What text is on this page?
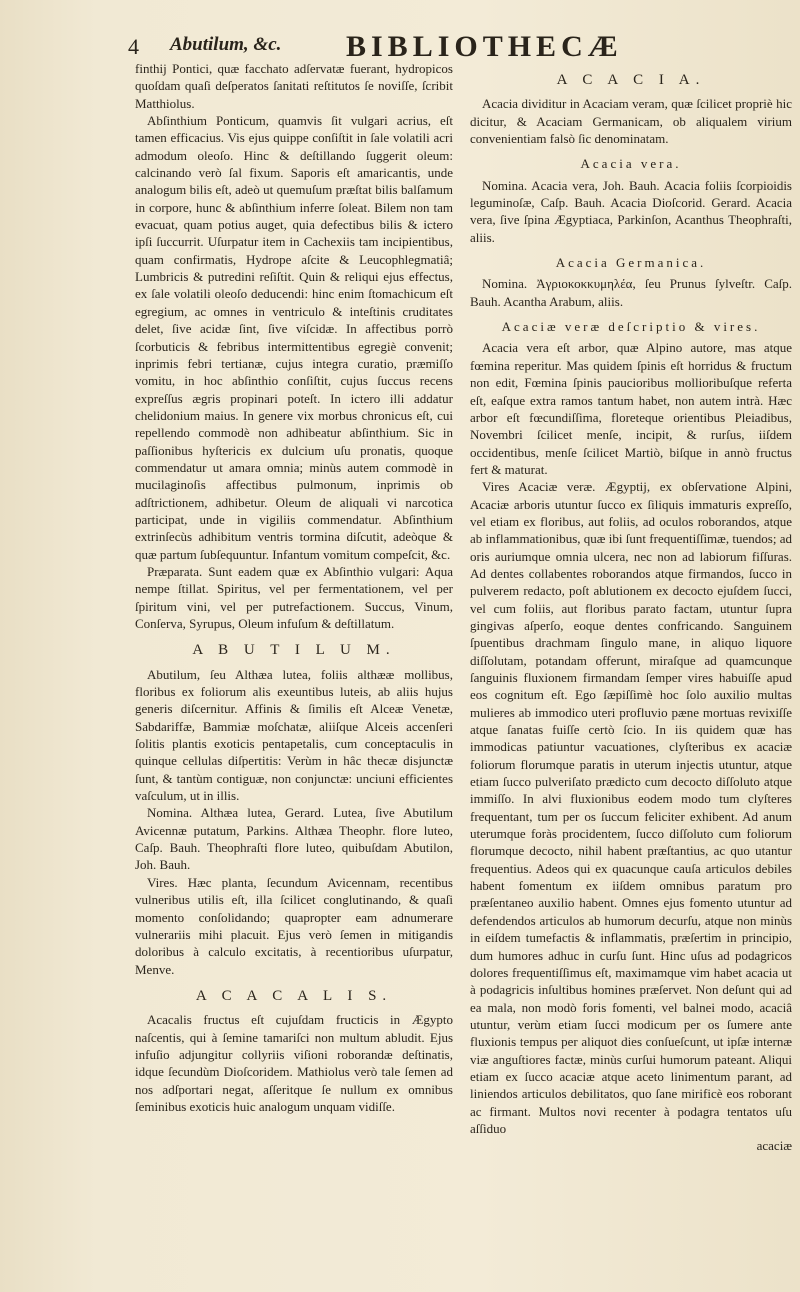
4 Abutilum, &c. BIBLIOTHECÆ

finthij Pontici, quæ facchato adſervatæ fuerant, hydropicos quoſdam quaſi deſperatos ſanitati reſtitutos ſe noviſſe, ſcribit Matthiolus.

Abſinthium Ponticum, quamvis ſit vulgari acrius, eſt tamen efficacius. Vis ejus quippe conſiſtit in ſale volatili acri admodum oleoſo. Hinc & deſtillando ſuggerit oleum: calcinando verò ſal fixum. Saporis eſt amaricantis, unde analogum bilis eſt, adeò ut quemuſum præſtat bilis balſamum in corpore, hunc & abſinthium inferre ſoleat. Bilem non tam evacuat, quam potius auget, quia defectibus bilis & ictero ipſi ſuccurrit. Uſurpatur item in Cachexiis tam incipientibus, quam confirmatis, Hydrope aſcite & Leucophlegmatiâ; Lumbricis & putredini reſiſtit. Quin & reliqui ejus effectus, ex ſale volatili oleoſo deducendi: hinc enim ſtomachicum eſt egregium, ac omnes in ventriculo & inteſtinis cruditates delet, ſive acidæ ſint, ſive viſcidæ. In affectibus porrò ſcorbuticis & febribus intermittentibus egregiè convenit; inprimis febri tertianæ, cujus integra curatio, præmiſſo vomitu, in hoc abſinthio conſiſtit, cujus ſuccus recens expreſſus ægris propinari poteſt. In ictero illi addatur chelidonium maius. In genere vix morbus chronicus eſt, cui repellendo commodè non adhibeatur abſinthium. Sic in paſſionibus hyſtericis ex dulcium uſu pronatis, quoque commendatur ut amara omnia; minùs autem commodè in mucilaginoſis affectibus pulmonum, inprimis ob adſtrictionem, adhibetur. Oleum de aliquali vi narcotica participat, unde in vigiliis commendatur. Abſinthium extrinſecùs adhibitum ventris tormina diſcutit, adeòque & quæ partum ſubſequuntur. Infantum vomitum compeſcit, &c.

Præparata. Sunt eadem quæ ex Abſinthio vulgari: Aqua nempe ſtillat. Spiritus, vel per fermentationem, vel per ſpiritum vini, vel per putrefactionem. Succus, Vinum, Conſerva, Syrupus, Oleum infuſum & deſtillatum.

A B U T I L U M.

Abutilum, ſeu Althæa lutea, foliis althææ mollibus, floribus ex foliorum alis exeuntibus luteis, ab aliis hujus generis diſcernitur. Affinis & ſimilis eſt Alceæ Venetæ, Sabdariffæ, Bammiæ moſchatæ, aliiſque Alceis accenſeri ſolitis plantis exoticis pentapetalis, cum conceptaculis in quinque cellulas diſpertitis: Verùm in hâc thecæ disjunctæ ſunt, & tantùm contiguæ, non conjunctæ: unciuni efficientes vaſculum, ut in illis.

Nomina. Althæa lutea, Gerard. Lutea, ſive Abutilum Avicennæ putatum, Parkins. Althæa Theophr. flore luteo, Caſp. Bauh. Theophraſti flore luteo, quibuſdam Abutilon, Joh. Bauh.

Vires. Hæc planta, ſecundum Avicennam, recentibus vulneribus utilis eſt, illa ſcilicet conglutinando, & quaſi momento conſolidando; quapropter eam adnumerare vulnerariis mihi placuit. Ejus verò ſemen in mitigandis doloribus à calculo excitatis, à recentioribus uſurpatur, Menve.

A C A C A L I S.

Acacalis fructus eſt cujuſdam fructicis in Ægypto naſcentis, qui à ſemine tamariſci non multum abludit. Ejus infuſio adjungitur collyriis viſioni roborandæ deſtinatis, idque ſecundùm Dioſcoridem. Mathiolus verò tale ſemen ad nos adſportari negat, aſſeritque ſe nullum ex omnibus ſeminibus exoticis huic analogum unquam vidiſſe.

A C A C I A.

Acacia dividitur in Acaciam veram, quæ ſcilicet propriè hic dicitur, & Acaciam Germanicam, ob aliqualem virium convenientiam falsò ſic denominatam.

Acacia vera.

Nomina. Acacia vera, Joh. Bauh. Acacia foliis ſcorpioidis leguminoſæ, Caſp. Bauh. Acacia Dioſcorid. Gerard. Acacia vera, ſive ſpina Ægyptiaca, Parkinſon, Acanthus Theophraſti, aliis.

Acacia Germanica.

Nomina. Ἀγριοκοκκυμηλέα, ſeu Prunus ſylveſtr. Caſp. Bauh. Acantha Arabum, aliis.

Acaciæ veræ deſcriptio & vires.

Acacia vera eſt arbor, quæ Alpino autore, mas atque fœmina reperitur. Mas quidem ſpinis eſt horridus & fructum non edit, Fœmina ſpinis paucioribus mollioribuſque referta eſt, eaſque extra ramos tantum habet, non autem intrà. Hæc arbor eſt fœcundiſſima, floreteque orientibus Pleiadibus, Novembri ſcilicet menſe, incipit, & rurſus, iiſdem occidentibus, menſe ſcilicet Martiò, biſque in annò fructus fert & maturat.

Vires Acaciæ veræ. Ægyptij, ex obſervatione Alpini, Acaciæ arboris utuntur ſucco ex ſiliquis immaturis expreſſo, vel etiam ex floribus, aut foliis, ad oculos roborandos, atque ab inflammationibus, quæ ibi ſunt frequentiſſimæ, tuendos; ad oris auriumque omnia ulcera, nec non ad labiorum fiſſuras. Ad dentes collabentes roborandos atque firmandos, ſucco in pulverem redacto, poſt ablutionem ex decocto ejuſdem ſucci, vel cum foliis, aut floribus parato factam, utuntur ſupra gingivas aſperſo, eoque dentes confricando. Sanguinem ſpuentibus drachmam ſingulo mane, in aliquo liquore diſſolutam, potandam offerunt, miraſque ad quamcunque ſanguinis fluxionem firmandam ſemper vires habuiſſe apud eos cognitum eſt. Ego ſæpiſſimè hoc ſolo auxilio multas mulieres ab immodico uteri profluvio pæne mortuas revixiſſe atque ſanatas fuiſſe certò ſcio. In iis quidem quæ has immodicas patiuntur vacuationes, clyſteribus ex acaciæ foliorum florumque paratis in uterum injectis utuntur, atque etiam ſucco pulveriſato prædicto cum decocto diſſoluto atque immiſſo. In alvi fluxionibus eodem modo tum clyſteres frequentant, tum per os ſuccum feliciter exhibent. Ad anum uterumque foràs procidentem, ſucco diſſoluto cum foliorum florumque decocto, nihil habent præſtantius, ac quo utantur frequentius. Adeos qui ex quacunque cauſa articulos debiles habent fomentum ex iiſdem omnibus paratum pro præſentaneo auxilio habent. Omnes ejus fomento utuntur ad defendendos articulos ab humorum decurſu, atque non minùs in eiſdem tumefactis & inflammatis, præſertim in principio, dum humores adhuc in curſu ſunt. Hinc uſus ad podagricos dolores frequentiſſimus eſt, maximamque vim habet acacia ut à podagricis inſultibus homines præſervet. Non deſunt qui ad ea mala, non modò foris fomenti, vel balnei modo, acaciâ utuntur, verùm etiam ſucci modicum per os ſumere ante fluxionis tempus per aliquot dies conſueſcunt, ut ipſæ internæ viæ anguſtiores factæ, minùs curſui humorum pateant. Aliqui etiam ex ſucco acaciæ atque aceto linimentum parant, ad liniendos articulos debilitatos, quo ſane mirificè eos roborant ac firmant. Multos novi recenter à podagra tentatos uſu aſſiduo

acaciæ
